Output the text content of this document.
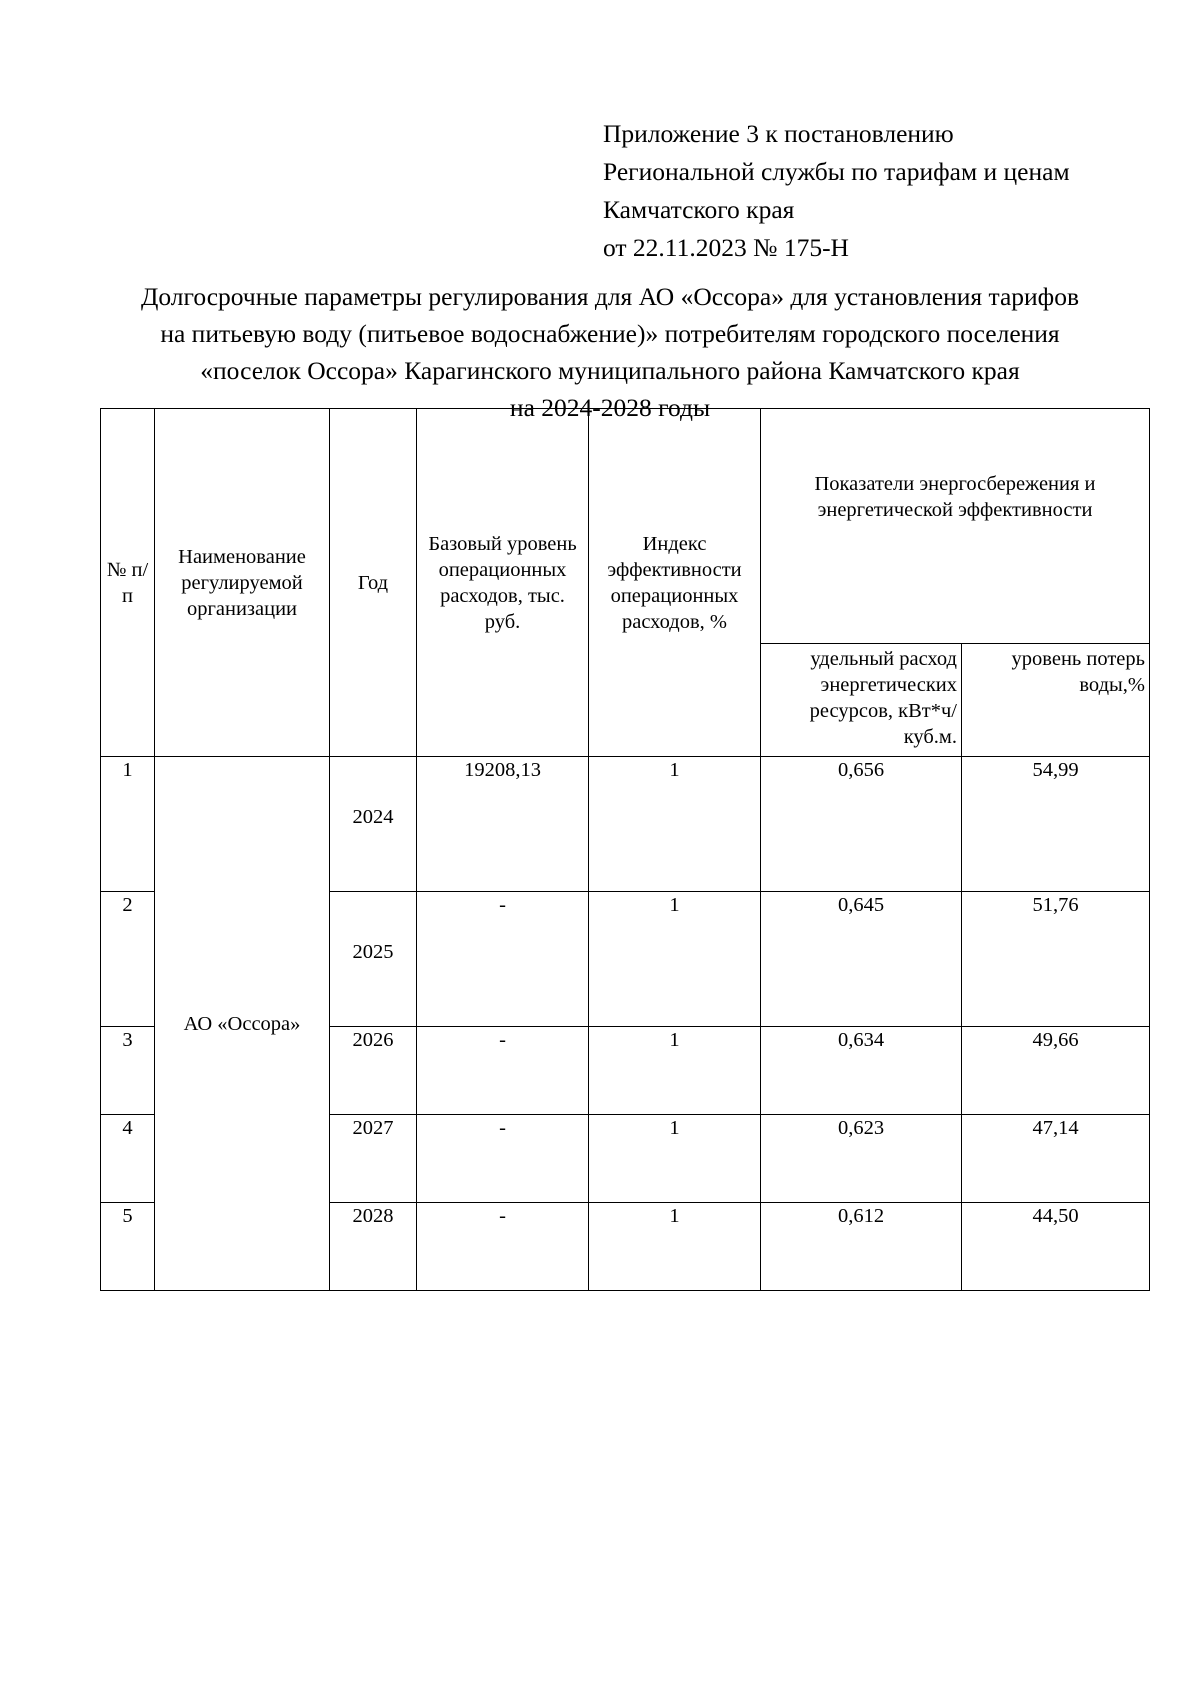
Приложение 3 к постановлению
Региональной службы по тарифам и ценам
Камчатского края
от 22.11.2023 № 175-Н
Долгосрочные параметры регулирования для АО «Оссора» для установления тарифов
на питьевую воду (питьевое водоснабжение)» потребителям городского поселения
«поселок Оссора» Карагинского муниципального района Камчатского края
на 2024-2028 годы
№ п/п	Наименование регулируемой организации	Год	Базовый уровень операционных расходов, тыс. руб.	Индекс эффективности операционных расходов, %	Показатели энергосбережения и энергетической эффективности	
					удельный расход энергетических ресурсов, кВт*ч/куб.м.	уровень потерь воды,%
1	АО «Оссора»	2024	19208,13	1	0,656	54,99
2		2025	-	1	0,645	51,76
3		2026	-	1	0,634	49,66
4		2027	-	1	0,623	47,14
5		2028	-	1	0,612	44,50
